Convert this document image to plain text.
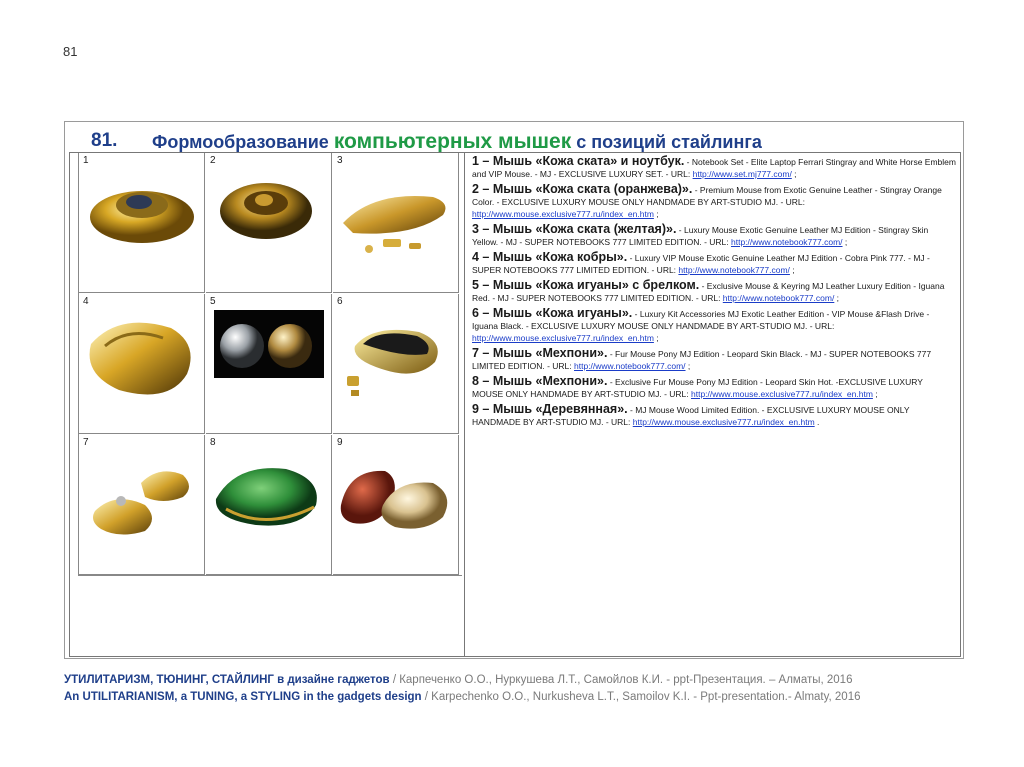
81
81. Формообразование компьютерных мышек с позиций стайлинга
1	2	3
4	5	6
7	8	9
1 – Мышь «Кожа ската» и ноутбук. - Notebook Set - Elite Laptop Ferrari Stingray and White Horse Emblem and VIP Mouse. - MJ - EXCLUSIVE LUXURY SET. - URL: http://www.set.mj777.com/ ;
2 – Мышь «Кожа ската (оранжева)». - Premium Mouse from Exotic Genuine Leather - Stingray Orange Color. - EXCLUSIVE LUXURY MOUSE ONLY HANDMADE BY ART-STUDIO MJ. - URL: http://www.mouse.exclusive777.ru/index_en.htm ;
3 – Мышь «Кожа ската (желтая)». - Luxury Mouse Exotic Genuine Leather MJ Edition - Stingray Skin Yellow. - MJ - SUPER NOTEBOOKS 777 LIMITED EDITION. - URL: http://www.notebook777.com/ ;
4 – Мышь «Кожа кобры». - Luxury VIP Mouse Exotic Genuine Leather MJ Edition - Cobra Pink 777. - MJ - SUPER NOTEBOOKS 777 LIMITED EDITION. - URL: http://www.notebook777.com/ ;
5 – Мышь «Кожа игуаны» с брелком. - Exclusive Mouse & Keyring MJ Leather Luxury Edition - Iguana Red. - MJ - SUPER NOTEBOOKS 777 LIMITED EDITION. - URL: http://www.notebook777.com/ ;
6 – Мышь «Кожа игуаны». - Luxury Kit Accessories MJ Exotic Leather Edition - VIP Mouse &Flash Drive - Iguana Black. - EXCLUSIVE LUXURY MOUSE ONLY HANDMADE BY ART-STUDIO MJ. - URL: http://www.mouse.exclusive777.ru/index_en.htm ;
7 – Мышь «Мехпони». - Fur Mouse Pony MJ Edition - Leopard Skin Black. - MJ - SUPER NOTEBOOKS 777 LIMITED EDITION. - URL: http://www.notebook777.com/ ;
8 – Мышь «Мехпони». - Exclusive Fur Mouse Pony MJ Edition - Leopard Skin Hot. -EXCLUSIVE LUXURY MOUSE ONLY HANDMADE BY ART-STUDIO MJ. - URL: http://www.mouse.exclusive777.ru/index_en.htm ;
9 – Мышь «Деревянная». - MJ Mouse Wood Limited Edition. - EXCLUSIVE LUXURY MOUSE ONLY HANDMADE BY ART-STUDIO MJ. - URL: http://www.mouse.exclusive777.ru/index_en.htm .
УТИЛИТАРИЗМ, ТЮНИНГ, СТАЙЛИНГ в дизайне гаджетов / Карпеченко О.О., Нуркушева Л.Т., Самойлов К.И. - ppt-Презентация. – Алматы, 2016
An UTILITARIANISM, a TUNING, a STYLING in the gadgets design / Karpechenko O.O., Nurkusheva L.T., Samoilov K.I. - Ppt-presentation.- Almaty, 2016
